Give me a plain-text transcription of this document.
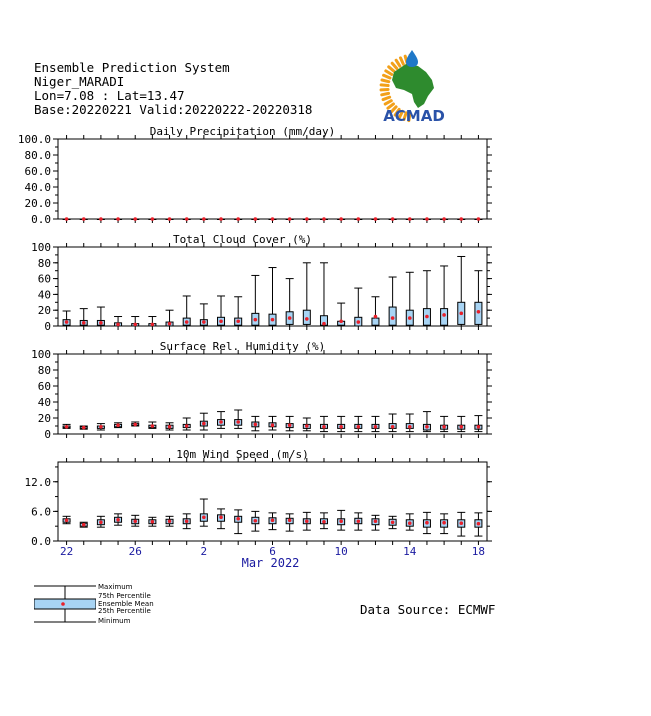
Ensemble Prediction System
Niger_MARADI
Lon=7.08 : Lat=13.47
Base:20220221 Valid:20220222-20220318	ACMAD
Daily Precipitation (mm/day)
0.0
20.0
40.0
60.0
80.0
100.0
Total Cloud Cover (%)
0
20
40
60
80
100
Surface Rel. Humidity (%)
0
20
40
60
80
100
10m Wind Speed (m/s)
0.0
6.0
12.0
22	26	2	6	10	14	18
Mar 2022
Data Source: ECMWF
Maximum
75th Percentile
Ensemble Mean
25th Percentile
Minimum
